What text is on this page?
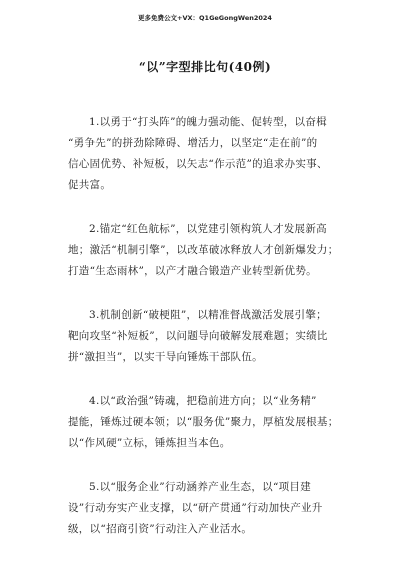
更多免费公文+VX：Q1GeGongWen2024
“以”字型排比句(40例)
1.以勇于“打头阵”的魄力强动能、促转型，以奋楫
“勇争先”的拼劲除障碍、增活力，以坚定“走在前”的
信心固优势、补短板，以矢志“作示范”的追求办实事、
促共富。
2.锚定“红色航标”，以党建引领构筑人才发展新高
地；激活“机制引擎”，以改革破冰释放人才创新爆发力；
打造“生态雨林”，以产才融合锻造产业转型新优势。
3.机制创新“破梗阻”，以精准督战激活发展引擎；
靶向攻坚“补短板”，以问题导向破解发展难题；实绩比
拼“激担当”，以实干导向锤炼干部队伍。
4.以“政治强”铸魂，把稳前进方向；以“业务精”
提能，锤炼过硬本领；以“服务优”聚力，厚植发展根基；
以“作风硬”立标，锤炼担当本色。
5.以“服务企业”行动涵养产业生态，以“项目建
设”行动夯实产业支撑，以“研产贯通”行动加快产业升
级，以“招商引资”行动注入产业活水。
